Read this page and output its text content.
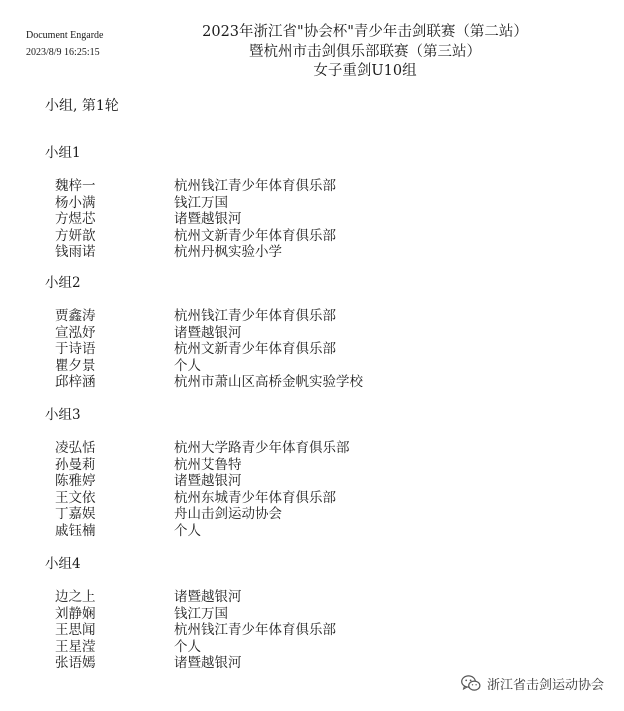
Document Engarde
2023/8/9 16:25:15
2023年浙江省"协会杯"青少年击剑联赛（第二站）
暨杭州市击剑俱乐部联赛（第三站）
女子重剑U10组
小组, 第1轮
小组1
魏梓一	杭州钱江青少年体育俱乐部
杨小满	钱江万国
方煜芯	诸暨越银河
方妍歆	杭州文新青少年体育俱乐部
钱雨诺	杭州丹枫实验小学
小组2
贾鑫涛	杭州钱江青少年体育俱乐部
宣泓妤	诸暨越银河
于诗语	杭州文新青少年体育俱乐部
瞿夕景	个人
邱梓涵	杭州市萧山区高桥金帆实验学校
小组3
凌弘恬	杭州大学路青少年体育俱乐部
孙曼莉	杭州艾鲁特
陈雅婷	诸暨越银河
王文依	杭州东城青少年体育俱乐部
丁嘉娱	舟山击剑运动协会
戚钰楠	个人
小组4
边之上	诸暨越银河
刘静娴	钱江万国
王思闻	杭州钱江青少年体育俱乐部
王星滢	个人
张语嫣	诸暨越银河
浙江省击剑运动协会
